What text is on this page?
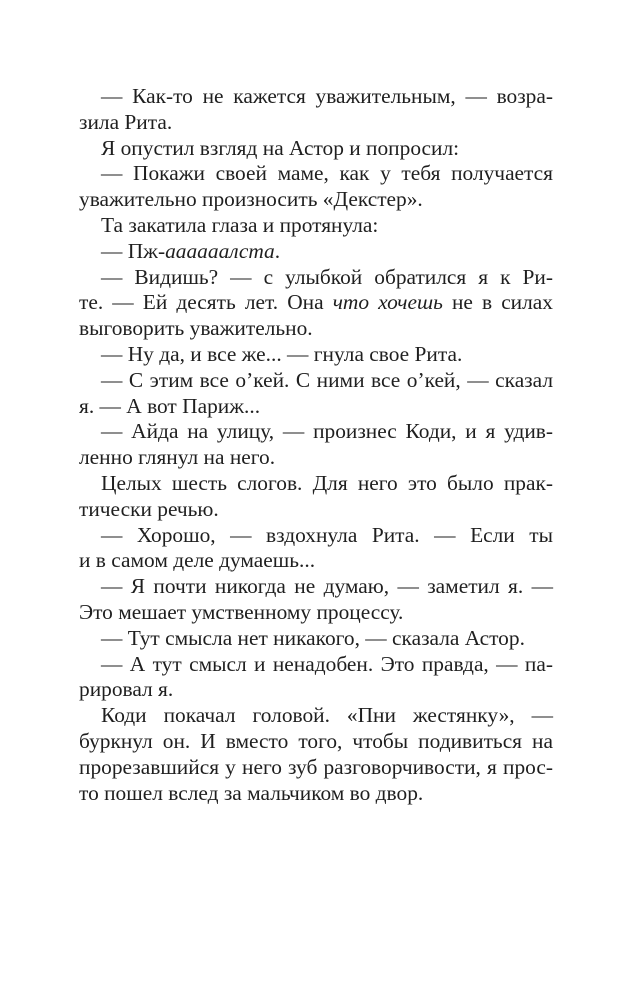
— Как-то не кажется уважительным, — возра-
зила Рита.
Я опустил взгляд на Астор и попросил:
— Покажи своей маме, как у тебя получается
уважительно произносить «Декстер».
Та закатила глаза и протянула:
— Пж-аааааалста.
— Видишь? — с улыбкой обратился я к Ри-
те. — Ей десять лет. Она что хочешь не в силах
выговорить уважительно.
— Ну да, и все же... — гнула свое Рита.
— С этим все о’кей. С ними все о’кей, — сказал
я. — А вот Париж...
— Айда на улицу, — произнес Коди, и я удив-
ленно глянул на него.
Целых шесть слогов. Для него это было прак-
тически речью.
— Хорошо, — вздохнула Рита. — Если ты
и в самом деле думаешь...
— Я почти никогда не думаю, — заметил я. —
Это мешает умственному процессу.
— Тут смысла нет никакого, — сказала Астор.
— А тут смысл и ненадобен. Это правда, — па-
рировал я.
Коди покачал головой. «Пни жестянку», —
буркнул он. И вместо того, чтобы подивиться на
прорезавшийся у него зуб разговорчивости, я прос-
то пошел вслед за мальчиком во двор.
